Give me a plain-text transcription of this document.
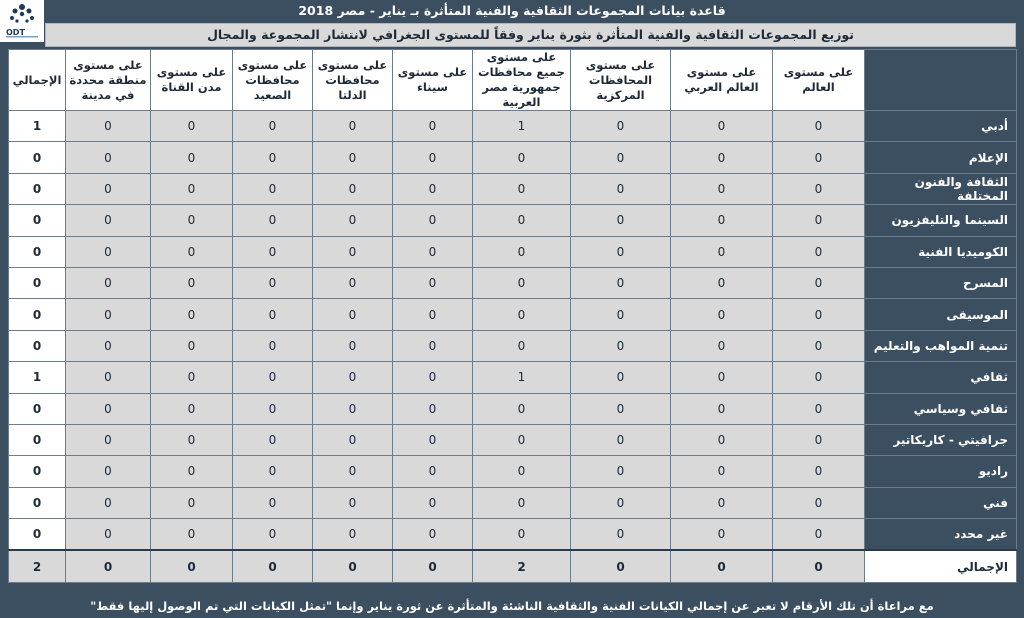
ODT
قاعدة بيانات المجموعات الثقافية والفنية المتأثرة بـ يناير - مصر 2018
توزيع المجموعات الثقافية والفنية المتأثرة بثورة يناير وفقاً للمستوى الجغرافي لانتشار المجموعة والمجال
	على مستوى العالم	على مستوى العالم العربي	على مستوى المحافظات المركزية	على مستوى جميع محافظات جمهورية مصر العربية	على مستوى سيناء	على مستوى محافظات الدلتا	على مستوى محافظات الصعيد	على مستوى مدن القناة	على مستوى منطقة محددة في مدينة	الإجمالي
أدبي	0	0	0	1	0	0	0	0	0	1
الإعلام	0	0	0	0	0	0	0	0	0	0
الثقافة والفنون المختلفة	0	0	0	0	0	0	0	0	0	0
السينما والتليفزيون	0	0	0	0	0	0	0	0	0	0
الكوميديا الفنية	0	0	0	0	0	0	0	0	0	0
المسرح	0	0	0	0	0	0	0	0	0	0
الموسيقى	0	0	0	0	0	0	0	0	0	0
تنمية المواهب والتعليم	0	0	0	0	0	0	0	0	0	0
ثقافي	0	0	0	1	0	0	0	0	0	1
ثقافي وسياسي	0	0	0	0	0	0	0	0	0	0
جرافيتي - كاريكاتير	0	0	0	0	0	0	0	0	0	0
راديو	0	0	0	0	0	0	0	0	0	0
فني	0	0	0	0	0	0	0	0	0	0
غير محدد	0	0	0	0	0	0	0	0	0	0
الإجمالي	0	0	0	2	0	0	0	0	0	2
مع مراعاة أن تلك الأرقام لا تعبر عن إجمالي الكيانات الفنية والثقافية الناشئة والمتأثرة عن ثورة يناير وإنما "تمثل الكيانات التي تم الوصول إليها فقط"
